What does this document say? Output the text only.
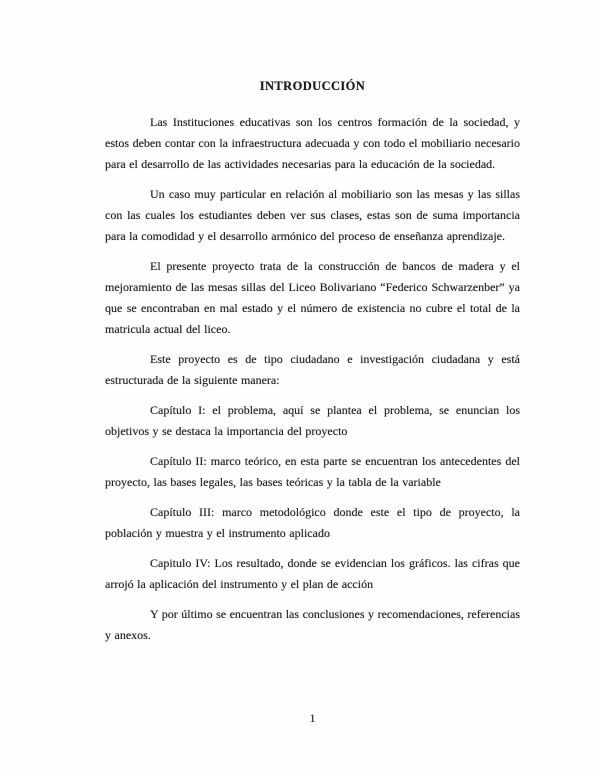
INTRODUCCIÓN

Las Instituciones educativas son los centros formación de la sociedad, y estos deben contar con la infraestructura adecuada y con todo el mobiliario necesario para el desarrollo de las actividades necesarias para la educación de la sociedad.

Un caso muy particular en relación al mobiliario son las mesas y las sillas con las cuales los estudiantes deben ver sus clases, estas son de suma importancia para la comodidad y el desarrollo armónico del proceso de enseñanza aprendizaje.

El presente proyecto trata de la construcción de bancos de madera y el mejoramiento de las mesas sillas del Liceo Bolivariano “Federico Schwarzenber” ya que se encontraban en mal estado y el número de existencia no cubre el total de la matricula actual del liceo.

Este proyecto es de tipo ciudadano e investigación ciudadana y está estructurada de la siguiente manera:

Capítulo I: el problema, aquí se plantea el problema, se enuncian los objetivos y se destaca la importancia del proyecto

Capítulo II: marco teórico, en esta parte se encuentran los antecedentes del proyecto, las bases legales, las bases teóricas y la tabla de la variable

Capítulo III: marco metodológico donde este el tipo de proyecto, la población y muestra y el instrumento aplicado

Capitulo IV: Los resultado, donde se evidencian los gráficos. las cifras que arrojó la aplicación del instrumento y el plan de acción

Y por último se encuentran las conclusiones y recomendaciones, referencias y anexos.

1
